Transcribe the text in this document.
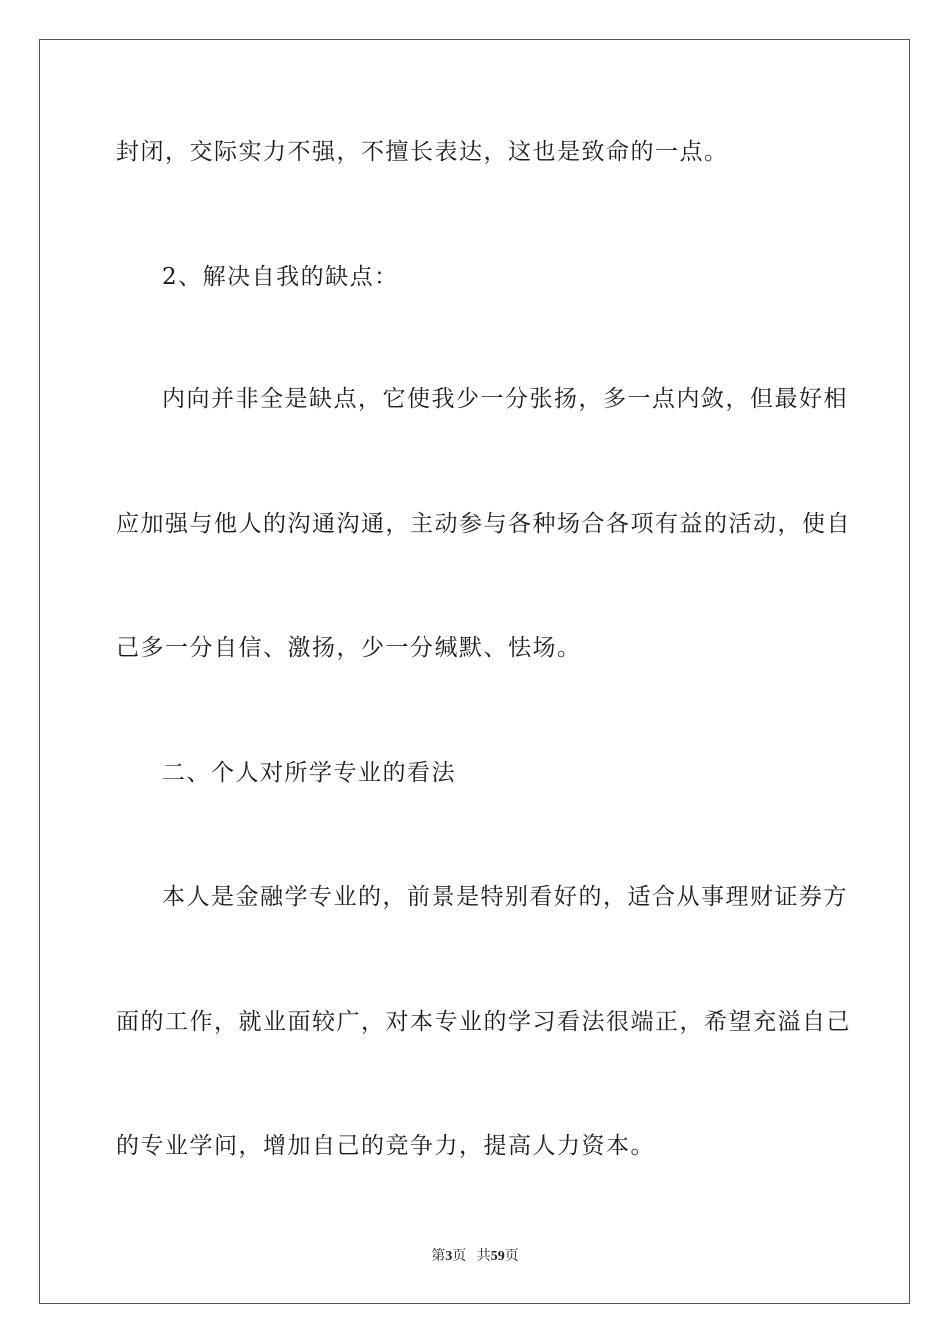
封闭，交际实力不强，不擅长表达，这也是致命的一点。
2、解决自我的缺点：
内向并非全是缺点，它使我少一分张扬，多一点内敛，但最好相
应加强与他人的沟通沟通，主动参与各种场合各项有益的活动，使自
己多一分自信、激扬，少一分缄默、怯场。
二、个人对所学专业的看法
本人是金融学专业的，前景是特别看好的，适合从事理财证券方
面的工作，就业面较广，对本专业的学习看法很端正，希望充溢自己
的专业学问，增加自己的竞争力，提高人力资本。
第3页 共59页
